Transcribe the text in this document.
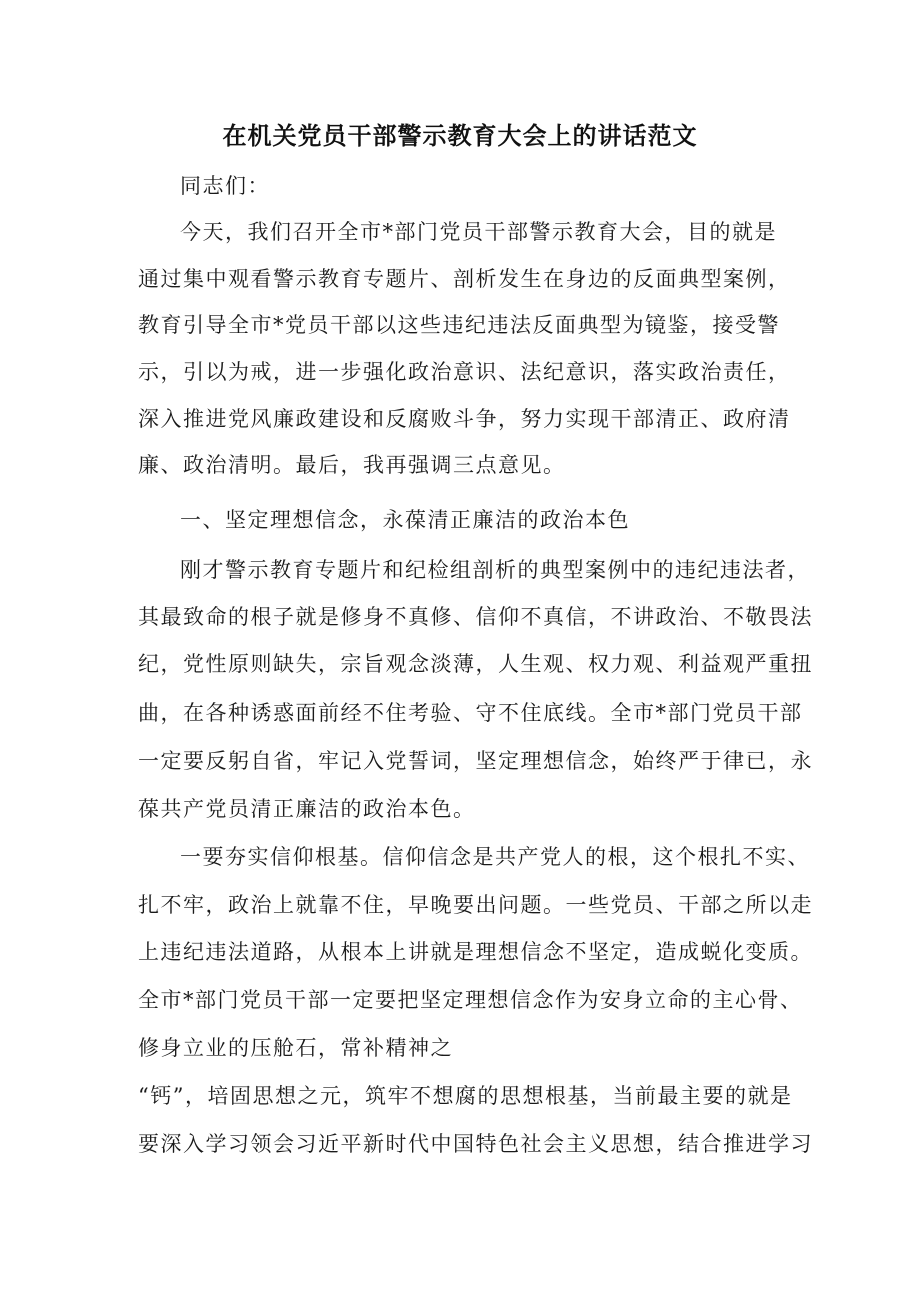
在机关党员干部警示教育大会上的讲话范文
同志们：
今天，我们召开全市*部门党员干部警示教育大会，目的就是
通过集中观看警示教育专题片、剖析发生在身边的反面典型案例，
教育引导全市*党员干部以这些违纪违法反面典型为镜鉴，接受警
示，引以为戒，进一步强化政治意识、法纪意识，落实政治责任，
深入推进党风廉政建设和反腐败斗争，努力实现干部清正、政府清
廉、政治清明。最后，我再强调三点意见。
一、坚定理想信念，永葆清正廉洁的政治本色
刚才警示教育专题片和纪检组剖析的典型案例中的违纪违法者，
其最致命的根子就是修身不真修、信仰不真信，不讲政治、不敬畏法
纪，党性原则缺失，宗旨观念淡薄，人生观、权力观、利益观严重扭
曲，在各种诱惑面前经不住考验、守不住底线。全市*部门党员干部
一定要反躬自省，牢记入党誓词，坚定理想信念，始终严于律已，永
葆共产党员清正廉洁的政治本色。
一要夯实信仰根基。信仰信念是共产党人的根，这个根扎不实、
扎不牢，政治上就靠不住，早晚要出问题。一些党员、干部之所以走
上违纪违法道路，从根本上讲就是理想信念不坚定，造成蜕化变质。
全市*部门党员干部一定要把坚定理想信念作为安身立命的主心骨、
修身立业的压舱石，常补精神之
“钙”，培固思想之元，筑牢不想腐的思想根基，当前最主要的就是
要深入学习领会习近平新时代中国特色社会主义思想，结合推进学习
